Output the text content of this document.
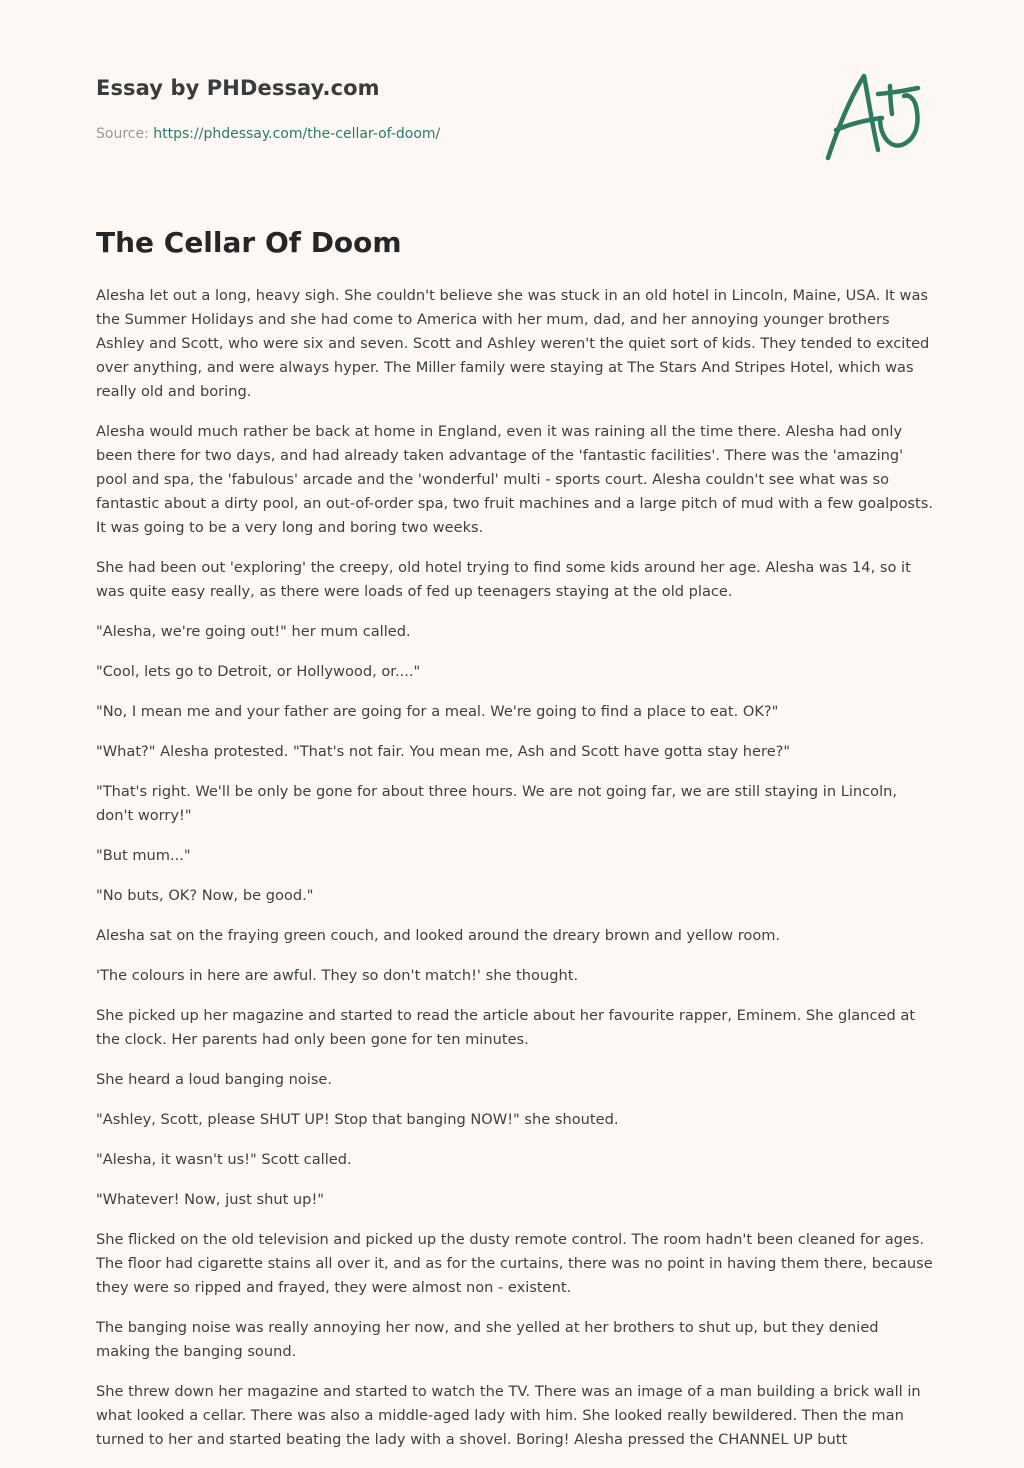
Essay by PHDessay.com
Source: https://phdessay.com/the-cellar-of-doom/
The Cellar Of Doom

Alesha let out a long, heavy sigh. She couldn't believe she was stuck in an old hotel in Lincoln, Maine, USA. It was the Summer Holidays and she had come to America with her mum, dad, and her annoying younger brothers Ashley and Scott, who were six and seven. Scott and Ashley weren't the quiet sort of kids. They tended to excited over anything, and were always hyper. The Miller family were staying at The Stars And Stripes Hotel, which was really old and boring.

Alesha would much rather be back at home in England, even it was raining all the time there. Alesha had only been there for two days, and had already taken advantage of the 'fantastic facilities'. There was the 'amazing' pool and spa, the 'fabulous' arcade and the 'wonderful' multi - sports court. Alesha couldn't see what was so fantastic about a dirty pool, an out-of-order spa, two fruit machines and a large pitch of mud with a few goalposts. It was going to be a very long and boring two weeks.

She had been out 'exploring' the creepy, old hotel trying to find some kids around her age. Alesha was 14, so it was quite easy really, as there were loads of fed up teenagers staying at the old place.

"Alesha, we're going out!" her mum called.

"Cool, lets go to Detroit, or Hollywood, or...."

"No, I mean me and your father are going for a meal. We're going to find a place to eat. OK?"

"What?" Alesha protested. "That's not fair. You mean me, Ash and Scott have gotta stay here?"

"That's right. We'll be only be gone for about three hours. We are not going far, we are still staying in Lincoln, don't worry!"

"But mum..."

"No buts, OK? Now, be good."

Alesha sat on the fraying green couch, and looked around the dreary brown and yellow room.

'The colours in here are awful. They so don't match!' she thought.

She picked up her magazine and started to read the article about her favourite rapper, Eminem. She glanced at the clock. Her parents had only been gone for ten minutes.

She heard a loud banging noise.

"Ashley, Scott, please SHUT UP! Stop that banging NOW!" she shouted.

"Alesha, it wasn't us!" Scott called.

"Whatever! Now, just shut up!"

She flicked on the old television and picked up the dusty remote control. The room hadn't been cleaned for ages. The floor had cigarette stains all over it, and as for the curtains, there was no point in having them there, because they were so ripped and frayed, they were almost non - existent.

The banging noise was really annoying her now, and she yelled at her brothers to shut up, but they denied making the banging sound.

She threw down her magazine and started to watch the TV. There was an image of a man building a brick wall in what looked a cellar. There was also a middle-aged lady with him. She looked really bewildered. Then the man turned to her and started beating the lady with a shovel. Boring! Alesha pressed the CHANNEL UP butt
